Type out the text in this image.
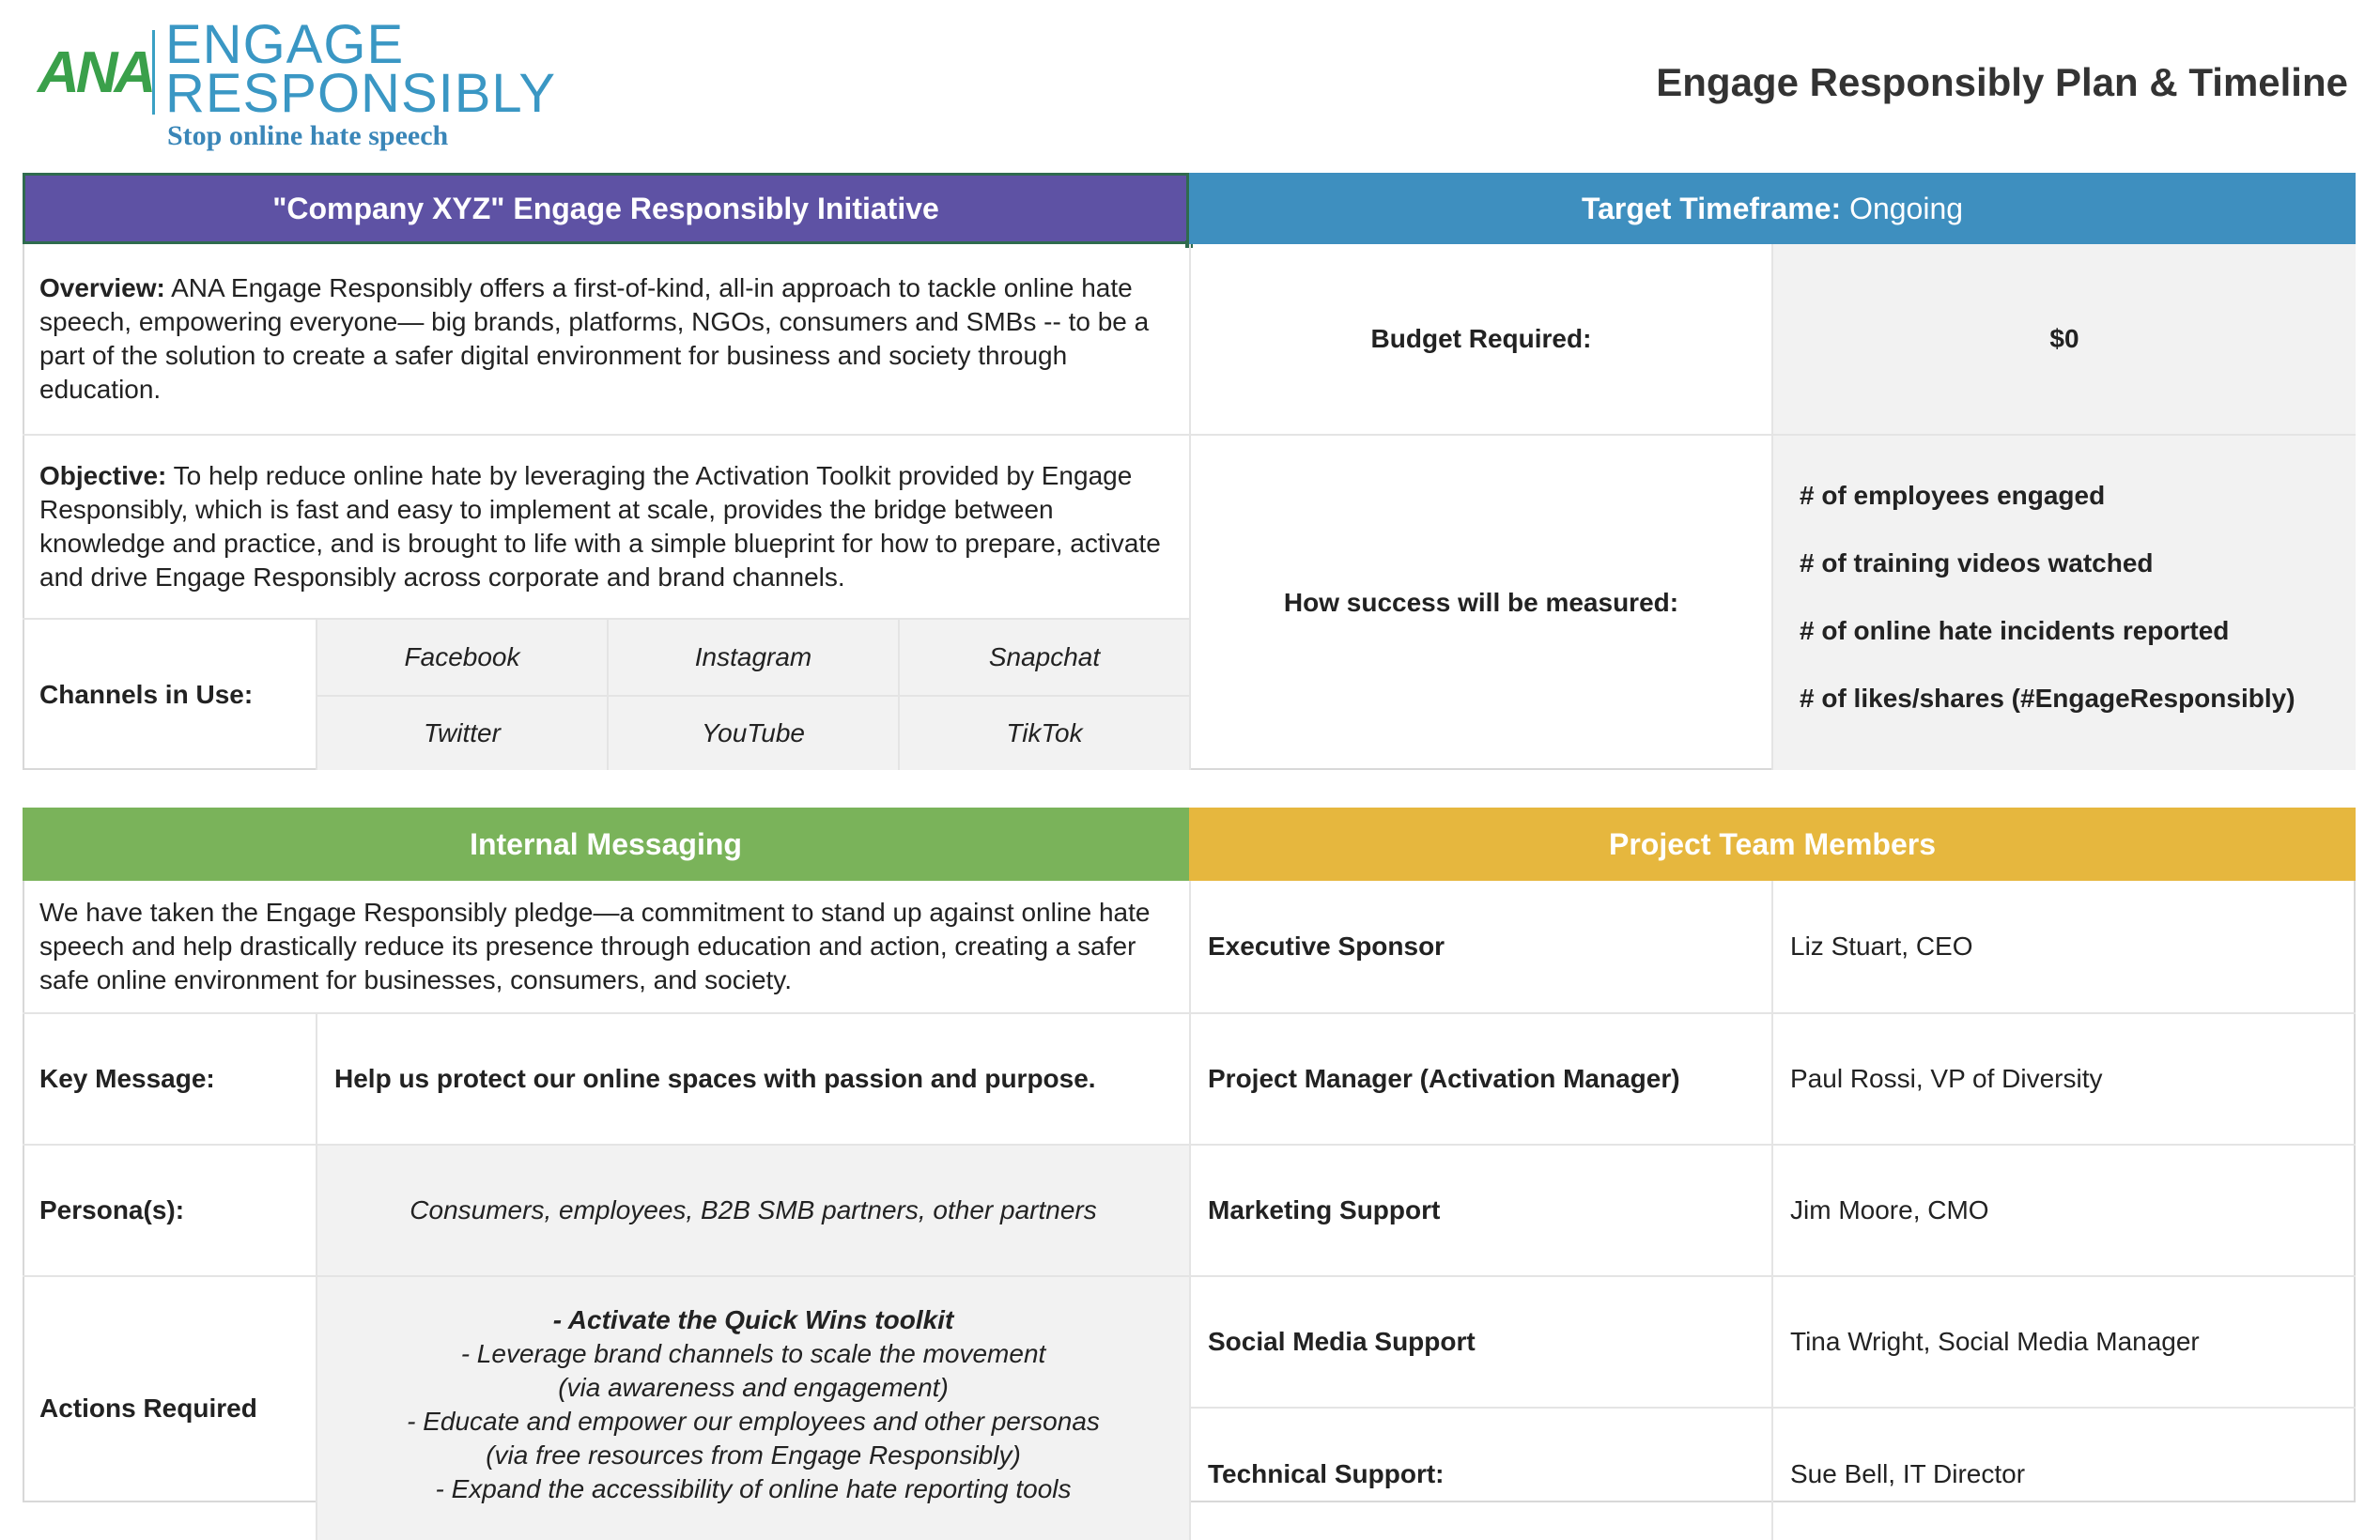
ANA ENGAGE
RESPONSIBLY
Stop online hate speech
Engage Responsibly Plan & Timeline
"Company XYZ" Engage Responsibly Initiative	Target Timeframe: Ongoing
Overview: ANA Engage Responsibly offers a first-of-kind, all-in approach to tackle online hate speech, empowering everyone— big brands, platforms, NGOs, consumers and SMBs -- to be a part of the solution to create a safer digital environment for business and society through education.
Objective: To help reduce online hate by leveraging the Activation Toolkit provided by Engage Responsibly, which is fast and easy to implement at scale, provides the bridge between knowledge and practice, and is brought to life with a simple blueprint for how to prepare, activate and drive Engage Responsibly across corporate and brand channels.
Channels in Use:
Facebook	Instagram	Snapchat
Twitter	YouTube	TikTok
Budget Required:	$0
How success will be measured:
# of employees engaged
# of training videos watched
# of online hate incidents reported
# of likes/shares (#EngageResponsibly)
Internal Messaging	Project Team Members
We have taken the Engage Responsibly pledge—a commitment to stand up against online hate speech and help drastically reduce its presence through education and action, creating a safer safe online environment for businesses, consumers, and society.
Key Message:	Help us protect our online spaces with passion and purpose.
Persona(s):	Consumers, employees, B2B SMB partners, other partners
Actions Required
- Activate the Quick Wins toolkit
- Leverage brand channels to scale the movement
(via awareness and engagement)
- Educate and empower our employees and other personas
(via free resources from Engage Responsibly)
- Expand the accessibility of online hate reporting tools
Executive Sponsor	Liz Stuart, CEO
Project Manager (Activation Manager)	Paul Rossi, VP of Diversity
Marketing Support	Jim Moore, CMO
Social Media Support	Tina Wright, Social Media Manager
Technical Support:	Sue Bell, IT Director
